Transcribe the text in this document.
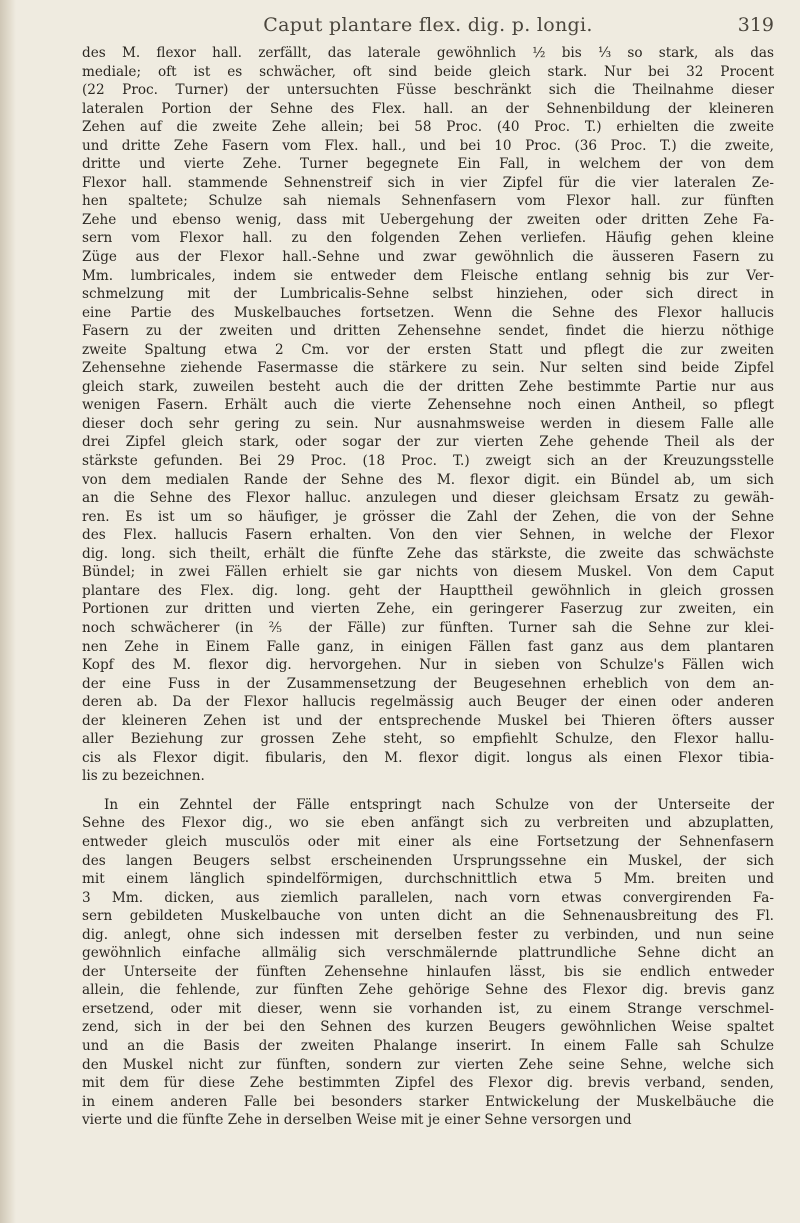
Caput plantare flex. dig. p. longi.	319
des M. flexor hall. zerfällt, das laterale gewöhnlich ½ bis ⅓ so stark, als das
mediale; oft ist es schwächer, oft sind beide gleich stark. Nur bei 32 Procent
(22 Proc. Turner) der untersuchten Füsse beschränkt sich die Theilnahme dieser
lateralen Portion der Sehne des Flex. hall. an der Sehnenbildung der kleineren
Zehen auf die zweite Zehe allein; bei 58 Proc. (40 Proc. T.) erhielten die zweite
und dritte Zehe Fasern vom Flex. hall., und bei 10 Proc. (36 Proc. T.) die zweite,
dritte und vierte Zehe. Turner begegnete Ein Fall, in welchem der von dem
Flexor hall. stammende Sehnenstreif sich in vier Zipfel für die vier lateralen Ze-
hen spaltete; Schulze sah niemals Sehnenfasern vom Flexor hall. zur fünften
Zehe und ebenso wenig, dass mit Uebergehung der zweiten oder dritten Zehe Fa-
sern vom Flexor hall. zu den folgenden Zehen verliefen. Häufig gehen kleine
Züge aus der Flexor hall.-Sehne und zwar gewöhnlich die äusseren Fasern zu
Mm. lumbricales, indem sie entweder dem Fleische entlang sehnig bis zur Ver-
schmelzung mit der Lumbricalis-Sehne selbst hinziehen, oder sich direct in
eine Partie des Muskelbauches fortsetzen. Wenn die Sehne des Flexor hallucis
Fasern zu der zweiten und dritten Zehensehne sendet, findet die hierzu nöthige
zweite Spaltung etwa 2 Cm. vor der ersten Statt und pflegt die zur zweiten
Zehensehne ziehende Fasermasse die stärkere zu sein. Nur selten sind beide Zipfel
gleich stark, zuweilen besteht auch die der dritten Zehe bestimmte Partie nur aus
wenigen Fasern. Erhält auch die vierte Zehensehne noch einen Antheil, so pflegt
dieser doch sehr gering zu sein. Nur ausnahmsweise werden in diesem Falle alle
drei Zipfel gleich stark, oder sogar der zur vierten Zehe gehende Theil als der
stärkste gefunden. Bei 29 Proc. (18 Proc. T.) zweigt sich an der Kreuzungsstelle
von dem medialen Rande der Sehne des M. flexor digit. ein Bündel ab, um sich
an die Sehne des Flexor halluc. anzulegen und dieser gleichsam Ersatz zu gewäh-
ren. Es ist um so häufiger, je grösser die Zahl der Zehen, die von der Sehne
des Flex. hallucis Fasern erhalten. Von den vier Sehnen, in welche der Flexor
dig. long. sich theilt, erhält die fünfte Zehe das stärkste, die zweite das schwächste
Bündel; in zwei Fällen erhielt sie gar nichts von diesem Muskel. Von dem Caput
plantare des Flex. dig. long. geht der Haupttheil gewöhnlich in gleich grossen
Portionen zur dritten und vierten Zehe, ein geringerer Faserzug zur zweiten, ein
noch schwächerer (in ⅖ der Fälle) zur fünften. Turner sah die Sehne zur klei-
nen Zehe in Einem Falle ganz, in einigen Fällen fast ganz aus dem plantaren
Kopf des M. flexor dig. hervorgehen. Nur in sieben von Schulze's Fällen wich
der eine Fuss in der Zusammensetzung der Beugesehnen erheblich von dem an-
deren ab. Da der Flexor hallucis regelmässig auch Beuger der einen oder anderen
der kleineren Zehen ist und der entsprechende Muskel bei Thieren öfters ausser
aller Beziehung zur grossen Zehe steht, so empfiehlt Schulze, den Flexor hallu-
cis als Flexor digit. fibularis, den M. flexor digit. longus als einen Flexor tibia-
lis zu bezeichnen.
In ein Zehntel der Fälle entspringt nach Schulze von der Unterseite der
Sehne des Flexor dig., wo sie eben anfängt sich zu verbreiten und abzuplatten,
entweder gleich musculös oder mit einer als eine Fortsetzung der Sehnenfasern
des langen Beugers selbst erscheinenden Ursprungssehne ein Muskel, der sich
mit einem länglich spindelförmigen, durchschnittlich etwa 5 Mm. breiten und
3 Mm. dicken, aus ziemlich parallelen, nach vorn etwas convergirenden Fa-
sern gebildeten Muskelbauche von unten dicht an die Sehnenausbreitung des Fl.
dig. anlegt, ohne sich indessen mit derselben fester zu verbinden, und nun seine
gewöhnlich einfache allmälig sich verschmälernde plattrundliche Sehne dicht an
der Unterseite der fünften Zehensehne hinlaufen lässt, bis sie endlich entweder
allein, die fehlende, zur fünften Zehe gehörige Sehne des Flexor dig. brevis ganz
ersetzend, oder mit dieser, wenn sie vorhanden ist, zu einem Strange verschmel-
zend, sich in der bei den Sehnen des kurzen Beugers gewöhnlichen Weise spaltet
und an die Basis der zweiten Phalange inserirt. In einem Falle sah Schulze
den Muskel nicht zur fünften, sondern zur vierten Zehe seine Sehne, welche sich
mit dem für diese Zehe bestimmten Zipfel des Flexor dig. brevis verband, senden,
in einem anderen Falle bei besonders starker Entwickelung der Muskelbäuche die
vierte und die fünfte Zehe in derselben Weise mit je einer Sehne versorgen und
